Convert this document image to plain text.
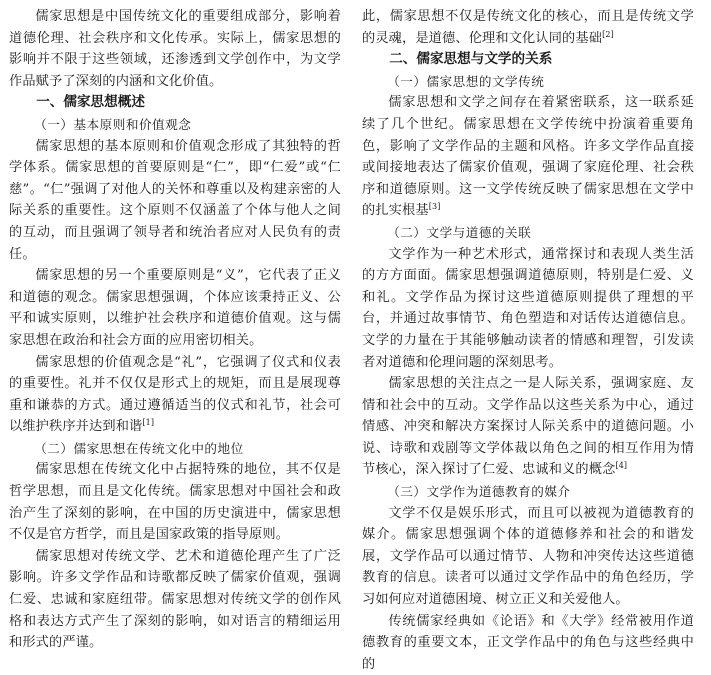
儒家思想是中国传统文化的重要组成部分，影响着道德伦理、社会秩序和文化传承。实际上，儒家思想的影响并不限于这些领域，还渗透到文学创作中，为文学作品赋予了深刻的内涵和文化价值。

一、儒家思想概述
（一）基本原则和价值观念

儒家思想的基本原则和价值观念形成了其独特的哲学体系。儒家思想的首要原则是“仁”，即“仁爱”或“仁慈”。“仁”强调了对他人的关怀和尊重以及构建亲密的人际关系的重要性。这个原则不仅涵盖了个体与他人之间的互动，而且强调了领导者和统治者应对人民负有的责任。

儒家思想的另一个重要原则是“义”，它代表了正义和道德的观念。儒家思想强调，个体应该秉持正义、公平和诚实原则，以维护社会秩序和道德价值观。这与儒家思想在政治和社会方面的应用密切相关。

儒家思想的价值观念是“礼”，它强调了仪式和仪表的重要性。礼并不仅仅是形式上的规矩，而且是展现尊重和谦恭的方式。通过遵循适当的仪式和礼节，社会可以维护秩序并达到和谐[1]

（二）儒家思想在传统文化中的地位

儒家思想在传统文化中占据特殊的地位，其不仅是哲学思想，而且是文化传统。儒家思想对中国社会和政治产生了深刻的影响，在中国的历史演进中，儒家思想不仅是官方哲学，而且是国家政策的指导原则。

儒家思想对传统文学、艺术和道德伦理产生了广泛影响。许多文学作品和诗歌都反映了儒家价值观，强调仁爱、忠诚和家庭纽带。儒家思想对传统文学的创作风格和表达方式产生了深刻的影响，如对语言的精细运用和形式的严谨。

此，儒家思想不仅是传统文化的核心，而且是传统文学的灵魂，是道德、伦理和文化认同的基础[2]

二、儒家思想与文学的关系
（一）儒家思想的文学传统

儒家思想和文学之间存在着紧密联系，这一联系延续了几个世纪。儒家思想在文学传统中扮演着重要角色，影响了文学作品的主题和风格。许多文学作品直接或间接地表达了儒家价值观，强调了家庭伦理、社会秩序和道德原则。这一文学传统反映了儒家思想在文学中的扎实根基[3]

（二）文学与道德的关联

文学作为一种艺术形式，通常探讨和表现人类生活的方方面面。儒家思想强调道德原则，特别是仁爱、义和礼。文学作品为探讨这些道德原则提供了理想的平台，并通过故事情节、角色塑造和对话传达道德信息。文学的力量在于其能够触动读者的情感和理智，引发读者对道德和伦理问题的深刻思考。

儒家思想的关注点之一是人际关系，强调家庭、友情和社会中的互动。文学作品以这些关系为中心，通过情感、冲突和解决方案探讨人际关系中的道德问题。小说、诗歌和戏剧等文学体裁以角色之间的相互作用为情节核心，深入探讨了仁爱、忠诚和义的概念[4]

（三）文学作为道德教育的媒介

文学不仅是娱乐形式，而且可以被视为道德教育的媒介。儒家思想强调个体的道德修养和社会的和谐发展，文学作品可以通过情节、人物和冲突传达这些道德教育的信息。读者可以通过文学作品中的角色经历，学习如何应对道德困境、树立正义和关爱他人。

传统儒家经典如《论语》和《大学》经常被用作道德教育的重要文本，正文学作品中的角色与这些经典中的
